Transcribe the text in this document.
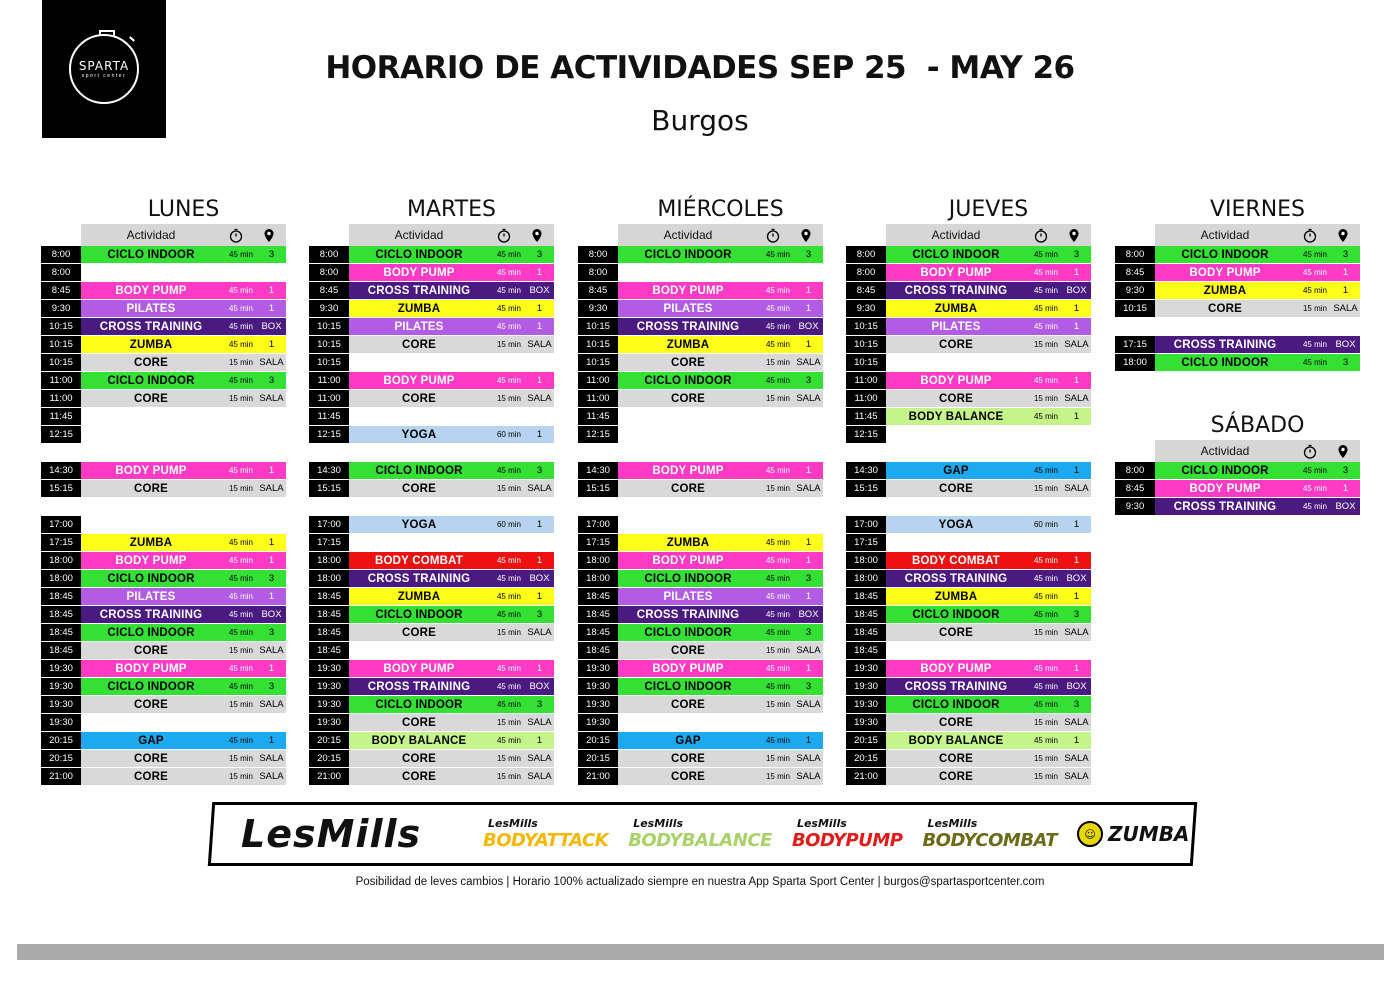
SPARTA
sport center	HORARIO DE ACTIVIDADES SEP 25  - MAY 26
Burgos
LUNES
Actividad
8:00	CICLO INDOOR	45 min	3
8:00
8:45	BODY PUMP	45 min	1
9:30	PILATES	45 min	1
10:15	CROSS TRAINING	45 min BOX
10:15	ZUMBA	45 min	1
10:15	CORE	15 min SALA
11:00	CICLO INDOOR	45 min	3
11:00	CORE	15 min SALA
11:45
12:15
14:30	BODY PUMP	45 min	1
15:15	CORE	15 min SALA
17:00
17:15	ZUMBA	45 min	1
18:00	BODY PUMP	45 min	1
18:00	CICLO INDOOR	45 min	3
18:45	PILATES	45 min	1
18:45	CROSS TRAINING	45 min BOX
18:45	CICLO INDOOR	45 min	3
18:45	CORE	15 min SALA
19:30	BODY PUMP	45 min	1
19:30	CICLO INDOOR	45 min	3
19:30	CORE	15 min SALA
19:30
20:15	GAP	45 min	1
20:15	CORE	15 min SALA
21:00	CORE	15 min SALA
MARTES
Actividad
8:00	CICLO INDOOR	45 min	3
8:00	BODY PUMP	45 min	1
8:45	CROSS TRAINING	45 min BOX
9:30	ZUMBA	45 min	1
10:15	PILATES	45 min	1
10:15	CORE	15 min SALA
10:15
11:00	BODY PUMP	45 min	1
11:00	CORE	15 min SALA
11:45
12:15	YOGA	60 min	1
14:30	CICLO INDOOR	45 min	3
15:15	CORE	15 min SALA
17:00	YOGA	60 min	1
17:15
18:00	BODY COMBAT	45 min	1
18:00	CROSS TRAINING	45 min BOX
18:45	ZUMBA	45 min	1
18:45	CICLO INDOOR	45 min	3
18:45	CORE	15 min SALA
18:45
19:30	BODY PUMP	45 min	1
19:30	CROSS TRAINING	45 min BOX
19:30	CICLO INDOOR	45 min	3
19:30	CORE	15 min SALA
20:15	BODY BALANCE	45 min	1
20:15	CORE	15 min SALA
21:00	CORE	15 min SALA
MIÉRCOLES
Actividad
8:00	CICLO INDOOR	45 min	3
8:00
8:45	BODY PUMP	45 min	1
9:30	PILATES	45 min	1
10:15	CROSS TRAINING	45 min BOX
10:15	ZUMBA	45 min	1
10:15	CORE	15 min SALA
11:00	CICLO INDOOR	45 min	3
11:00	CORE	15 min SALA
11:45
12:15
14:30	BODY PUMP	45 min	1
15:15	CORE	15 min SALA
17:00
17:15	ZUMBA	45 min	1
18:00	BODY PUMP	45 min	1
18:00	CICLO INDOOR	45 min	3
18:45	PILATES	45 min	1
18:45	CROSS TRAINING	45 min BOX
18:45	CICLO INDOOR	45 min	3
18:45	CORE	15 min SALA
19:30	BODY PUMP	45 min	1
19:30	CICLO INDOOR	45 min	3
19:30	CORE	15 min SALA
19:30
20:15	GAP	45 min	1
20:15	CORE	15 min SALA
21:00	CORE	15 min SALA
JUEVES
Actividad
8:00	CICLO INDOOR	45 min	3
8:00	BODY PUMP	45 min	1
8:45	CROSS TRAINING	45 min BOX
9:30	ZUMBA	45 min	1
10:15	PILATES	45 min	1
10:15	CORE	15 min SALA
10:15
11:00	BODY PUMP	45 min	1
11:00	CORE	15 min SALA
11:45	BODY BALANCE	45 min	1
12:15
14:30	GAP	45 min	1
15:15	CORE	15 min SALA
17:00	YOGA	60 min	1
17:15
18:00	BODY COMBAT	45 min	1
18:00	CROSS TRAINING	45 min BOX
18:45	ZUMBA	45 min	1
18:45	CICLO INDOOR	45 min	3
18:45	CORE	15 min SALA
18:45
19:30	BODY PUMP	45 min	1
19:30	CROSS TRAINING	45 min BOX
19:30	CICLO INDOOR	45 min	3
19:30	CORE	15 min SALA
20:15	BODY BALANCE	45 min	1
20:15	CORE	15 min SALA
21:00	CORE	15 min SALA
VIERNES
Actividad
8:00	CICLO INDOOR	45 min	3
8:45	BODY PUMP	45 min	1
9:30	ZUMBA	45 min	1
10:15	CORE	15 min SALA
17:15	CROSS TRAINING	45 min BOX
18:00	CICLO INDOOR	45 min	3
SÁBADO
Actividad
8:00	CICLO INDOOR	45 min	3
8:45	BODY PUMP	45 min	1
9:30	CROSS TRAINING	45 min BOX
LesMills	LesMills
BODYATTACK
LesMills
BODYBALANCE
LesMills
BODYPUMP
LesMills
BODYCOMBAT	☺ ZUMBA
Posibilidad de leves cambios | Horario 100% actualizado siempre en nuestra App Sparta Sport Center | burgos@spartasportcenter.com
